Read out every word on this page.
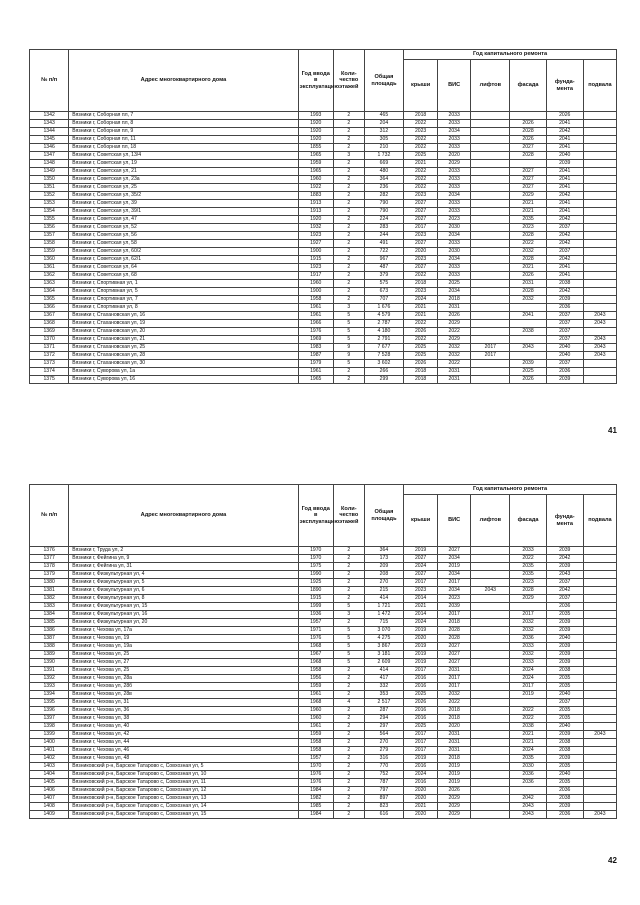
№ п/п	Адрес многоквартирного дома	Год ввода в эксплуатацию	Коли-чество этажей	Общая площадь	Год капитального ремонта					
					крыши	ВИС	лифтов	фасада	фунда-мента	подвала
1342	Вязники г, Соборная пл, 7	1993	2	465	2018	2033			2026	
1343	Вязники г, Соборная пл, 8	1920	2	204	2022	2033		2026	2041	
1344	Вязники г, Соборная пл, 9	1920	2	312	2023	2034		2028	2042	
1345	Вязники г, Соборная пл, 11	1920	2	305	2022	2033		2026	2041	
1346	Вязники г, Соборная пл, 18	1855	2	210	2022	2033		2027	2041	
1347	Вязники г, Советская ул, 13/4	1965	3	1 732	2025	2020		2028	2040	
1348	Вязники г, Советская ул, 19	1959	2	669	2021	2029			2039	
1349	Вязники г, Советская ул, 21	1965	2	480	2022	2033		2027	2041	
1350	Вязники г, Советская ул, 23а	1960	2	364	2022	2033		2027	2041	
1351	Вязники г, Советская ул, 25	1922	2	236	2022	2033		2027	2041	
1352	Вязники г, Советская ул, 35/2	1883	2	282	2023	2034		2029	2042	
1353	Вязники г, Советская ул, 39	1913	2	790	2027	2033		2021	2041	
1354	Вязники г, Советская ул, 39/1	1913	2	790	2027	2033		2021	2041	
1355	Вязники г, Советская ул, 47	1920	2	224	2027	2023		2035	2042	
1356	Вязники г, Советская ул, 52	1932	2	283	2017	2030		2023	2037	
1357	Вязники г, Советская ул, 56	1923	2	244	2023	2034		2028	2042	
1358	Вязники г, Советская ул, 58	1927	2	491	2027	2033		2022	2042	
1359	Вязники г, Советская ул, 60/2	1900	2	722	2020	2030		2032	2037	
1360	Вязники г, Советская ул, 62/1	1915	2	967	2023	2034		2028	2042	
1361	Вязники г, Советская ул, 64	1923	2	487	2027	2033		2021	2041	
1362	Вязники г, Советская ул, 68	1917	2	379	2022	2033		2026	2041	
1363	Вязники г, Спортивная ул, 1	1960	2	575	2018	2025		2031	2038	
1364	Вязники г, Спортивная ул, 5	1900	2	673	2023	2034		2028	2042	
1365	Вязники г, Спортивная ул, 7	1958	2	707	2024	2018		2032	2039	
1366	Вязники г, Спортивная ул, 8	1961	3	1 676	2021	2031			2036	
1367	Вязники г, Стахановская ул, 16	1961	5	4 579	2021	2026		2041	2037	2043
1368	Вязники г, Стахановская ул, 19	1966	5	2 787	2022	2029			2037	2043
1369	Вязники г, Стахановская ул, 20	1976	5	4 180	2026	2022		2038	2037	
1370	Вязники г, Стахановская ул, 21	1969	5	2 791	2022	2029			2037	2043
1371	Вязники г, Стахановская ул, 25	1983	9	7 677	2025	2032	2017	2043	2040	2043
1372	Вязники г, Стахановская ул, 28	1987	9	7 528	2025	2032	2017		2040	2043
1373	Вязники г, Стахановская ул, 30	1979	5	3 602	2026	2022		2039	2037	
1374	Вязники г, Суворова ул, 1а	1961	2	266	2018	2031		2025	2036	
1375	Вязники г, Суворова ул, 16	1965	2	299	2018	2031		2026	2039	
41
№ п/п	Адрес многоквартирного дома	Год ввода в эксплуатацию	Коли-чество этажей	Общая площадь	Год капитального ремонта					
					крыши	ВИС	лифтов	фасада	фунда-мента	подвала
1376	Вязники г, Труда ул, 2	1970	2	364	2019	2027		2033	2039	
1377	Вязники г, Фейгина ул, 9	1970	2	173	2027	2034		2022	2042	
1378	Вязники г, Фейгина ул, 31	1975	2	209	2024	2019		2035	2039	
1379	Вязники г, Физкультурная ул, 4	1990	2	208	2027	2034		2035	2043	
1380	Вязники г, Физкультурная ул, 5	1925	2	270	2017	2017		2023	2037	
1381	Вязники г, Физкультурная ул, 6	1890	2	215	2023	2034	2043	2028	2042	
1382	Вязники г, Физкультурная ул, 8	1915	2	414	2014	2023		2029	2037	
1383	Вязники г, Физкультурная ул, 15	1999	5	1 721	2021	2039			2036	
1384	Вязники г, Физкультурная ул, 16	1936	3	1 472	2014	2017		2017	2035	
1385	Вязники г, Физкультурная ул, 20	1957	2	715	2024	2018		2032	2039	
1386	Вязники г, Чехова ул, 17а	1971	5	3 070	2019	2028		2032	2039	
1387	Вязники г, Чехова ул, 19	1976	5	4 275	2020	2028		2036	2040	
1388	Вязники г, Чехова ул, 19а	1968	5	3 867	2019	2027		2033	2039	
1389	Вязники г, Чехова ул, 25	1967	5	3 181	2019	2027		2032	2039	
1390	Вязники г, Чехова ул, 27	1968	5	2 609	2019	2027		2033	2039	
1391	Вязники г, Чехова ул, 25	1958	2	414	2017	2031		2024	2038	
1392	Вязники г, Чехова ул, 28а	1956	2	417	2016	2017		2024	2035	
1393	Вязники г, Чехова ул, 28б	1959	2	332	2016	2017		2017	2035	
1394	Вязники г, Чехова ул, 28в	1961	2	353	2025	2032		2019	2040	
1395	Вязники г, Чехова ул, 31	1968	4	2 517	2026	2022			2037	
1396	Вязники г, Чехова ул, 36	1960	2	287	2016	2018		2022	2035	
1397	Вязники г, Чехова ул, 38	1960	2	294	2016	2018		2022	2035	
1398	Вязники г, Чехова ул, 40	1961	2	297	2025	2020		2038	2040	
1399	Вязники г, Чехова ул, 42	1959	2	564	2017	2031		2021	2039	2043
1400	Вязники г, Чехова ул, 44	1958	2	270	2017	2031		2021	2038	
1401	Вязники г, Чехова ул, 46	1958	2	279	2017	2031		2024	2038	
1402	Вязники г, Чехова ул, 48	1957	2	316	2019	2018		2035	2039	
1403	Вязниковский р-н, Барское Татарово с, Совхозная ул, 5	1970	2	770	2016	2019		2030	2035	
1404	Вязниковский р-н, Барское Татарово с, Совхозная ул, 10	1976	2	752	2024	2019		2036	2040	
1405	Вязниковский р-н, Барское Татарово с, Совхозная ул, 11	1976	2	787	2016	2019		2036	2035	
1406	Вязниковский р-н, Барское Татарово с, Совхозная ул, 12	1984	2	797	2020	2026			2036	
1407	Вязниковский р-н, Барское Татарово с, Совхозная ул, 13	1982	2	897	2020	2029		2042	2038	
1408	Вязниковский р-н, Барское Татарово с, Совхозная ул, 14	1985	2	823	2021	2029		2043	2039	
1409	Вязниковский р-н, Барское Татарово с, Совхозная ул, 15	1984	2	616	2020	2029		2043	2036	2043
42
